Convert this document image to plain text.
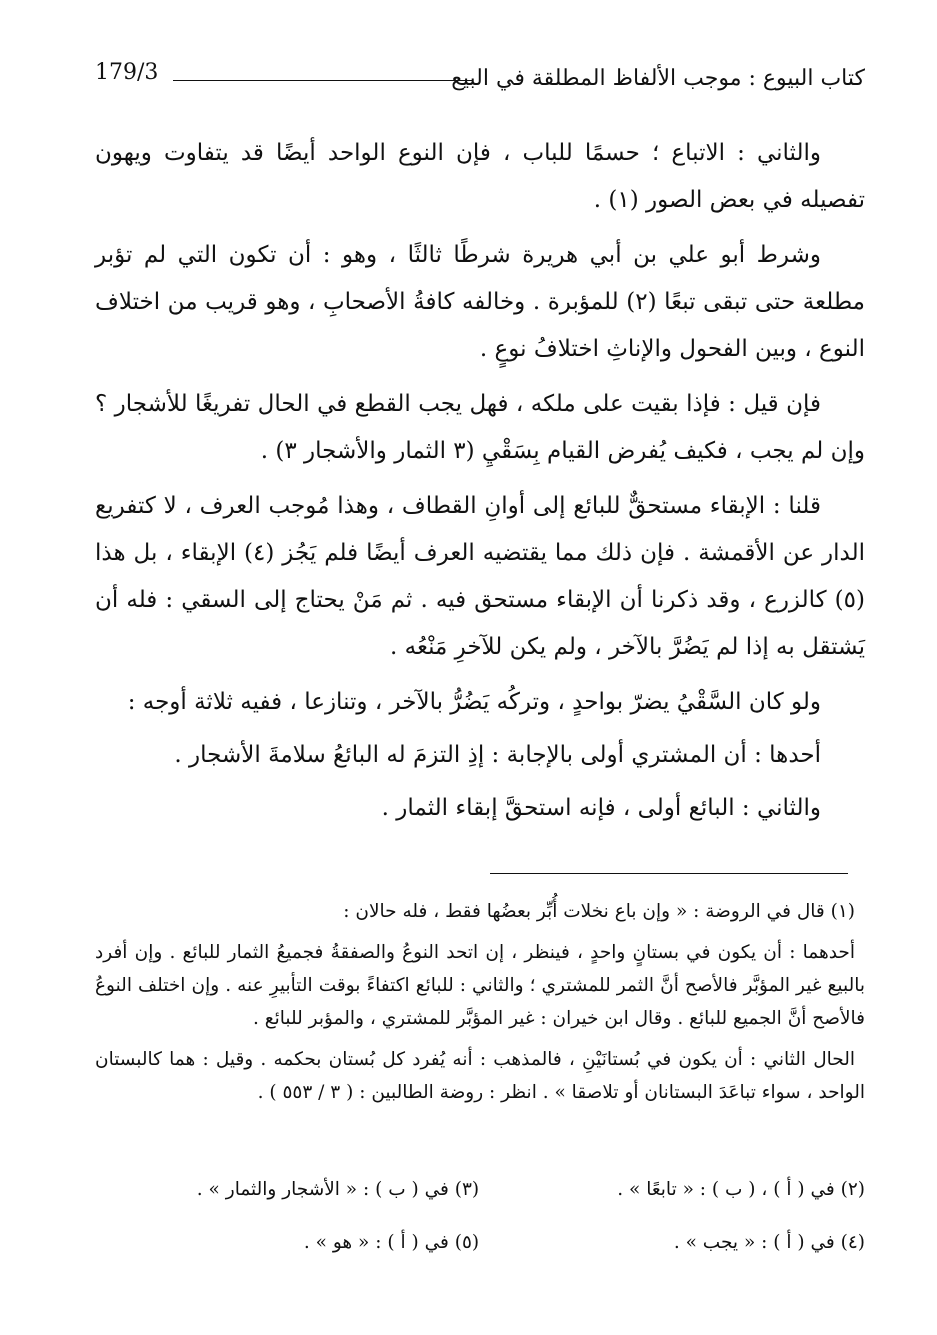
كتاب البيوع : موجب الألفاظ المطلقة في البيع
179/3

والثاني : الاتباع ؛ حسمًا للباب ، فإن النوع الواحد أيضًا قد يتفاوت ويهون تفصيله في بعض الصور (١) .

وشرط أبو علي بن أبي هريرة شرطًا ثالثًا ، وهو : أن تكون التي لم تؤبر مطلعة حتى تبقى تبعًا (٢) للمؤبرة . وخالفه كافةُ الأصحابِ ، وهو قريب من اختلاف النوع ، وبين الفحول والإناثِ اختلافُ نوعٍ .

فإن قيل : فإذا بقيت على ملكه ، فهل يجب القطع في الحال تفريغًا للأشجار ؟ وإن لم يجب ، فكيف يُفرض القيام بِسَقْيِ (٣ الثمار والأشجار ٣) .

قلنا : الإبقاء مستحقٌّ للبائع إلى أوانِ القطاف ، وهذا مُوجب العرف ، لا كتفريع الدار عن الأقمشة . فإن ذلك مما يقتضيه العرف أيضًا فلم يَجُز (٤) الإبقاء ، بل هذا (٥) كالزرع ، وقد ذكرنا أن الإبقاء مستحق فيه . ثم مَنْ يحتاج إلى السقي : فله أن يَشتقل به إذا لم يَضُرَّ بالآخر ، ولم يكن للآخرِ مَنْعُه .

ولو كان السَّقْيُ يضرّ بواحدٍ ، وتركُه يَضُرُّ بالآخر ، وتنازعا ، ففيه ثلاثة أوجه :

أحدها : أن المشتري أولى بالإجابة : إذِ التزمَ له البائعُ سلامةَ الأشجار .

والثاني : البائع أولى ، فإنه استحقَّ إبقاء الثمار .

(١) قال في الروضة : « وإن باع نخلات أُبِّر بعضُها فقط ، فله حالان :

أحدهما : أن يكون في بستانٍ واحدٍ ، فينظر ، إن اتحد النوعُ والصفقةُ فجميعُ الثمار للبائع . وإن أفرد بالبيع غير المؤبَّر فالأصح أنَّ الثمر للمشتري ؛ والثاني : للبائع اكتفاءً بوقت التأبيرِ عنه . وإن اختلف النوعُ فالأصح أنَّ الجميع للبائع . وقال ابن خيران : غير المؤبَّر للمشتري ، والمؤبر للبائع .

الحال الثاني : أن يكون في بُستانَيْنِ ، فالمذهب : أنه يُفرد كل بُستان بحكمه . وقيل : هما كالبستان الواحد ، سواء تباعَدَ البستانان أو تلاصقا » . انظر : روضة الطالبين : ( ٣ / ٥٥٣ ) .

(٢) في ( أ ) ، ( ب ) : « تابعًا » . (٣) في ( ب ) : « الأشجار والثمار » .
(٤) في ( أ ) : « يجب » . (٥) في ( أ ) : « هو » .
